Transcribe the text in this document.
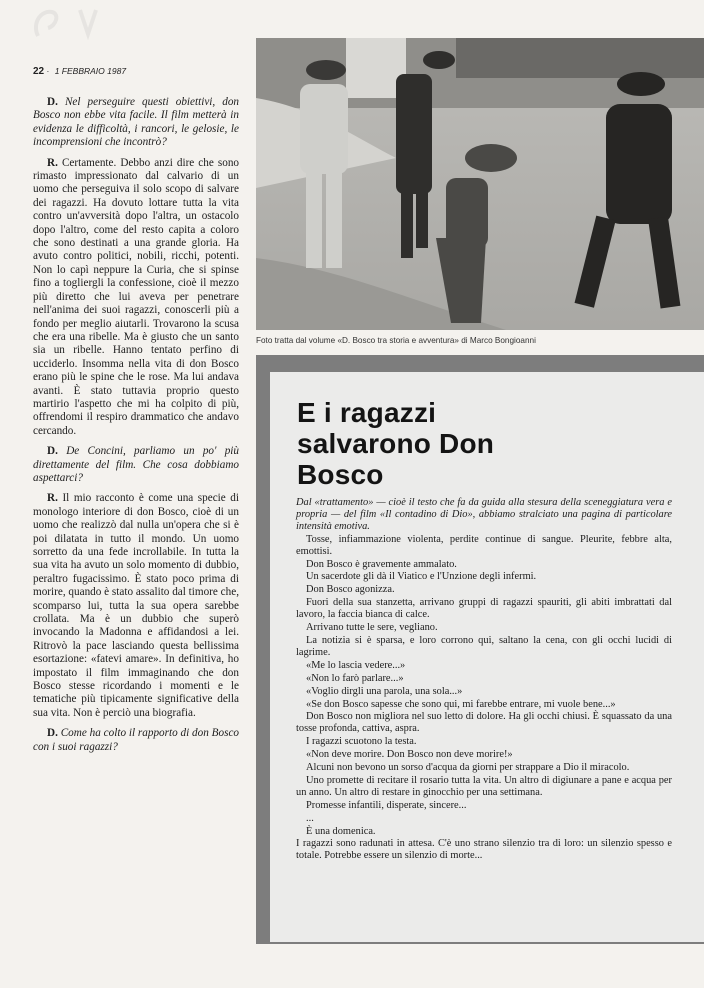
22 · 1 FEBBRAIO 1987

D. Nel perseguire questi obiettivi, don Bosco non ebbe vita facile. Il film metterà in evidenza le difficoltà, i rancori, le gelosie, le incomprensioni che incontrò?

R. Certamente. Debbo anzi dire che sono rimasto impressionato dal calvario di un uomo che perseguiva il solo scopo di salvare dei ragazzi. Ha dovuto lottare tutta la vita contro un'avversità dopo l'altra, un ostacolo dopo l'altro, come del resto capita a coloro che sono destinati a una grande gloria. Ha avuto contro politici, nobili, ricchi, potenti. Non lo capì neppure la Curia, che si spinse fino a togliergli la confessione, cioè il mezzo più diretto che lui aveva per penetrare nell'anima dei suoi ragazzi, conoscerli più a fondo per meglio aiutarli. Trovarono la scusa che era una ribelle. Ma è giusto che un santo sia un ribelle. Hanno tentato perfino di ucciderlo. Insomma nella vita di don Bosco erano più le spine che le rose. Ma lui andava avanti. È stato tuttavia proprio questo martirio l'aspetto che mi ha colpito di più, offrendomi il respiro drammatico che andavo cercando.

D. De Concini, parliamo un po' più direttamente del film. Che cosa dobbiamo aspettarci?

R. Il mio racconto è come una specie di monologo interiore di don Bosco, cioè di un uomo che realizzò dal nulla un'opera che si è poi dilatata in tutto il mondo. Un uomo sorretto da una fede incrollabile. In tutta la sua vita ha avuto un solo momento di dubbio, peraltro fugacissimo. È stato poco prima di morire, quando è stato assalito dal timore che, scomparso lui, tutta la sua opera sarebbe crollata. Ma è un dubbio che superò invocando la Madonna e affidandosi a lei. Ritrovò la pace lasciando questa bellissima esortazione: «fatevi amare». In definitiva, ho impostato il film immaginando che don Bosco stesse ricordando i momenti e le tematiche più tipicamente significative della sua vita. Non è perciò una biografia.

D. Come ha colto il rapporto di don Bosco con i suoi ragazzi?

Foto tratta dal volume «D. Bosco tra storia e avventura» di Marco Bongioanni
E i ragazzi salvarono Don Bosco

Dal «trattamento» — cioè il testo che fa da guida alla stesura della sceneggiatura vera e propria — del film «Il contadino di Dio», abbiamo stralciato una pagina di particolare intensità emotiva.

Tosse, infiammazione violenta, perdite continue di sangue. Pleurite, febbre alta, emottisi.

Don Bosco è gravemente ammalato.

Un sacerdote gli dà il Viatico e l'Unzione degli infermi.

Don Bosco agonizza.

Fuori della sua stanzetta, arrivano gruppi di ragazzi spauriti, gli abiti imbrattati dal lavoro, la faccia bianca di calce.

Arrivano tutte le sere, vegliano.

La notizia si è sparsa, e loro corrono qui, saltano la cena, con gli occhi lucidi di lagrime.

«Me lo lascia vedere...»

«Non lo farò parlare...»

«Voglio dirgli una parola, una sola...»

«Se don Bosco sapesse che sono qui, mi farebbe entrare, mi vuole bene...»

Don Bosco non migliora nel suo letto di dolore. Ha gli occhi chiusi. È squassato da una tosse profonda, cattiva, aspra.

I ragazzi scuotono la testa.

«Non deve morire. Don Bosco non deve morire!»

Alcuni non bevono un sorso d'acqua da giorni per strappare a Dio il miracolo.

Uno promette di recitare il rosario tutta la vita. Un altro di digiunare a pane e acqua per un anno. Un altro di restare in ginocchio per una settimana.

Promesse infantili, disperate, sincere...

...

È una domenica.

I ragazzi sono radunati in attesa. C'è uno strano silenzio tra di loro: un silenzio spesso e totale. Potrebbe essere un silenzio di morte...
